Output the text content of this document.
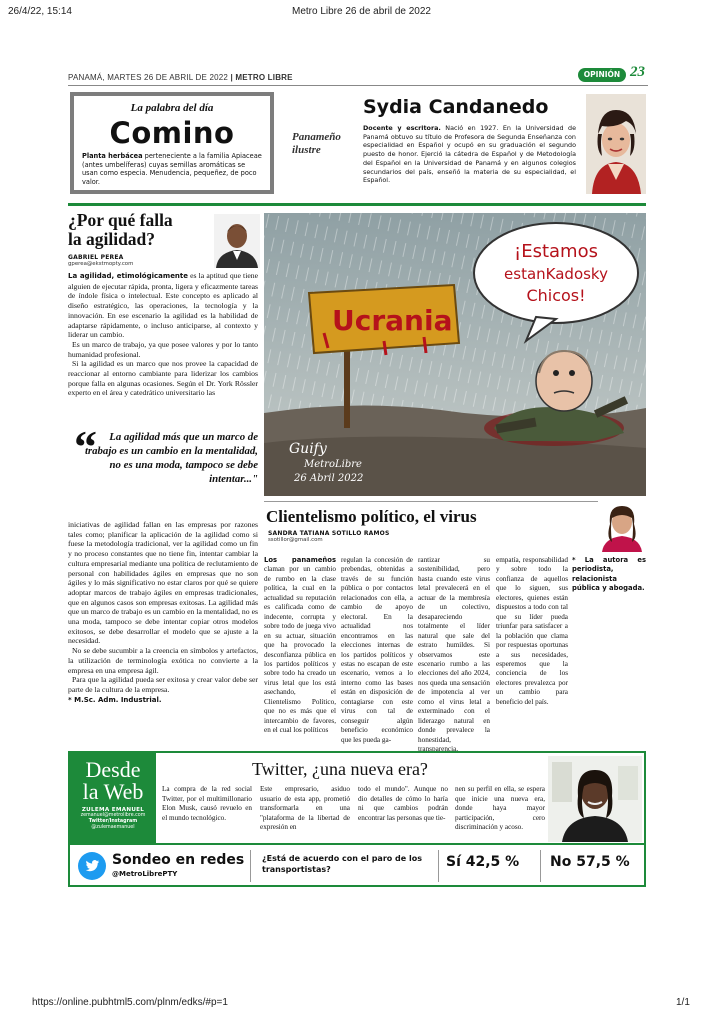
26/4/22, 15:14	Metro Libre 26 de abril de 2022
PANAMÁ, MARTES 26 DE ABRIL DE 2022 | METRO LIBRE	OPINIÓN 23
La palabra del día
Comino
Planta herbácea perteneciente a la familia Apiaceae (antes umbelíferas) cuyas semillas aromáticas se usan como especia. Menudencia, pequeñez, de poco valor.
Panameño
ilustre
Sydia Candanedo
Docente y escritora. Nació en 1927. En la Universidad de Panamá obtuvo su título de Profesora de Segunda Enseñanza con especialidad en Español y ocupó en su graduación el segundo puesto de honor. Ejerció la cátedra de Español y de Metodología del Español en la Universidad de Panamá y en algunos colegios secundarios del país, enseñó la materia de su especialidad, el Español.
¿Por qué falla
la agilidad?
GABRIEL PEREA
gperea@ekstmopty.com

La agilidad, etimológicamente es la aptitud que tiene alguien de ejecutar rápida, pronta, ligera y eficazmente tareas de índole física o intelectual. Este concepto es aplicado al diseño estratégico, las operaciones, la tecnología y la innovación. En ese escenario la agilidad es la habilidad de adaptarse rápidamente, o incluso anticiparse, al contexto y liderar un cambio.

Es un marco de trabajo, ya que posee valores y por lo tanto humanidad profesional.

Si la agilidad es un marco que nos provee la capacidad de reaccionar al entorno cambiante para liderizar los cambios porque falla en algunas ocasiones. Según el Dr. York Rössler experto en el área y catedrático universitario las

“	La agilidad más que un marco de trabajo es un cambio en la mentalidad, no es una moda, tampoco se debe intentar..."

iniciativas de agilidad fallan en las empresas por razones tales como; planificar la aplicación de la agilidad como si fuese la metodología tradicional, ver la agilidad como un fin y no proceso constantes que no tiene fin, intentar cambiar la cultura empresarial mediante una política de reclutamiento de personal con habilidades ágiles en empresas que no son ágiles y lo más significativo no estar claros por qué se quiere adoptar marcos de trabajo ágiles en empresas tradicionales, que en algunos casos son empresas exitosas. La agilidad más que un marco de trabajo es un cambio en la mentalidad, no es una moda, tampoco se debe intentar copiar otros modelos exitosos, se debe desarrollar el modelo que se ajuste a la necesidad.

No se debe sucumbir a la creencia en símbolos y artefactos, la utilización de terminología exótica no convierte a la empresa en una empresa ágil.

Para que la agilidad pueda ser exitosa y crear valor debe ser parte de la cultura de la empresa.

* M.Sc. Adm. Industrial.

Ucrania
¡Estamos
estanKadosky
Chicos!
Guify
MetroLibre
26 Abril 2022
Clientelismo político, el virus
SANDRA TATIANA SOTILLO RAMOS
ssotillor@gmail.com
Los panameños claman por un cambio de rumbo en la clase política, la cual en la actualidad su reputación es calificada como de indecente, corrupta y sobre todo de juega vivo en su actuar, situación que ha provocado la desconfianza pública en los partidos políticos y sobre todo ha creado un virus letal que los está asechando, el Clientelismo Político, que no es más que el intercambio de favores, en el cual los políticos
regulan la concesión de prebendas, obtenidas a través de su función pública o por contactos relacionados con ella, a cambio de apoyo electoral. En la actualidad nos encontramos en las elecciones internas de los partidos políticos y estas no escapan de este escenario, vemos a lo interno como las bases están en disposición de contagiarse con este virus con tal de conseguir algún beneficio económico que les pueda ga-
rantizar su sostenibilidad, pero hasta cuando este virus letal prevalecerá en el actuar de la membresía de un colectivo, desapareciendo totalmente el líder natural que sale del estrato humildes. Si observamos este escenario rumbo a las elecciones del año 2024, nos queda una sensación de impotencia al ver como el virus letal a exterminado con el liderazgo natural en donde prevalece la honestidad, transparencia,
empatía, responsabilidad y sobre todo la confianza de aquellos que lo siguen, sus electores, quienes están dispuestos a todo con tal que su líder pueda triunfar para satisfacer a la población que clama por respuestas oportunas a sus necesidades, esperemos que la conciencia de los electores prevalezca por un cambio para beneficio del país.
* La autora es periodista, relacionista pública y abogada.
Desde
la Web
ZULEMA EMANUEL
zemanuel@metrolibre.com
Twitter/Instagram
@zulemaemanuel
Twitter, ¿una nueva era?
La compra de la red social Twitter, por el multimillonario Elon Musk, causó revuelo en el mundo tecnológico.
Este empresario, asiduo usuario de esta app, prometió transformarla en una "plataforma de la libertad de expresión en
todo el mundo". Aunque no dio detalles de cómo lo haría ni que cambios podrán encontrar las personas que tie-
nen su perfil en ella, se espera que inicie una nueva era, donde haya mayor participación, cero discriminación y acoso.
Sondeo en redes
@MetroLibrePTY
¿Está de acuerdo con el paro de los transportistas?	Sí 42,5 % No 57,5 %
https://online.pubhtml5.com/plnm/edks/#p=1	1/1
